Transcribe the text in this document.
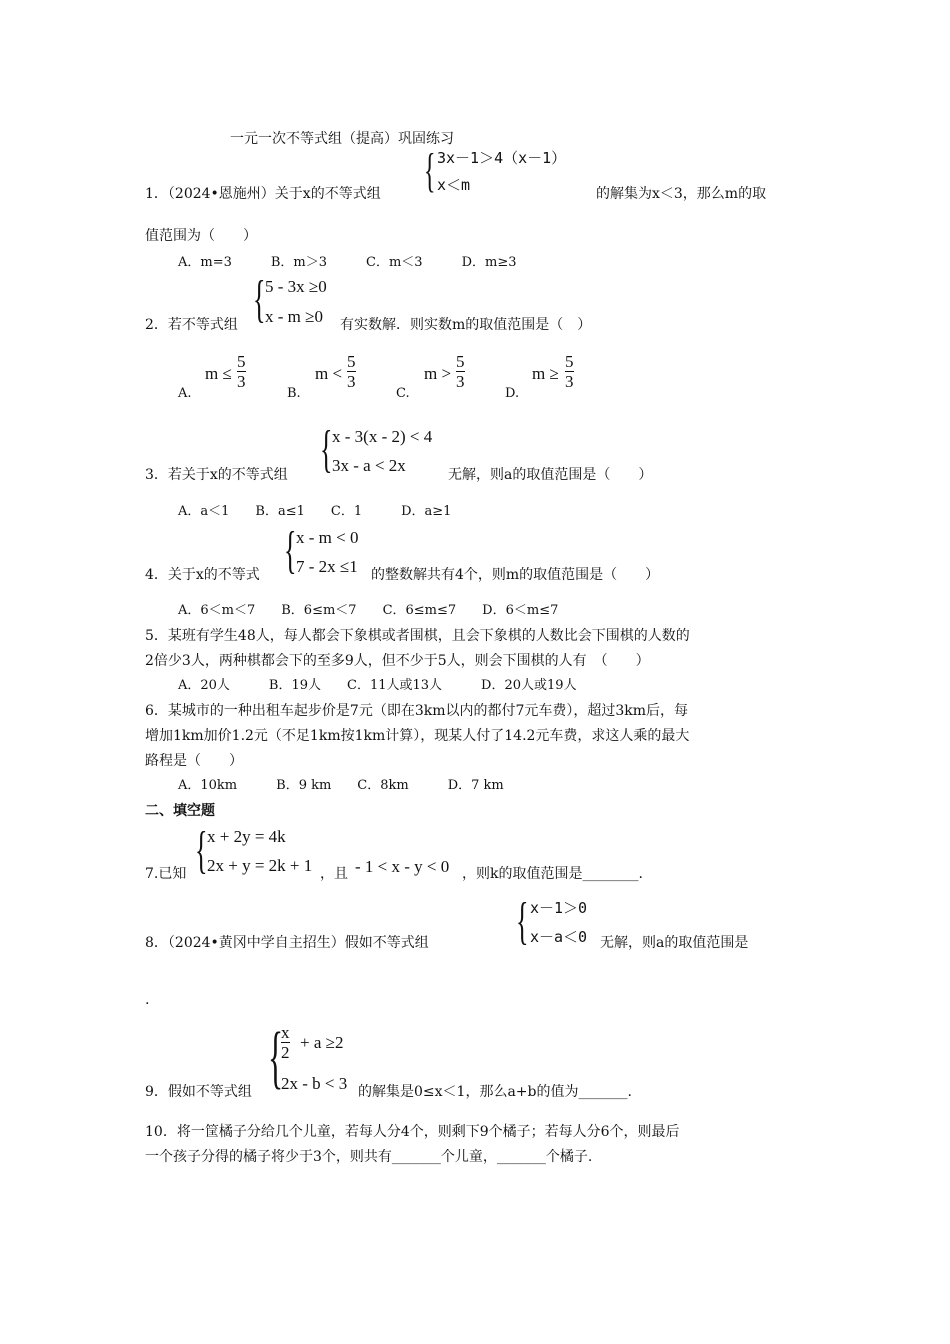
一元一次不等式组（提高）巩固练习
{ 3x－1＞4（x－1）
x＜m
1．（2024•恩施州）关于x的不等式组	的解集为x＜3，那么m的取
值范围为（　　）
A．m=3　　　B．m＞3　　　C．m＜3　　　D．m≥3
{ 5 - 3x ≥0
x - m ≥0
2．若不等式组	有实数解．则实数m的取值范围是（　）
A.
m ≤
5
3
B.
m <
5
3
C.
m >
5
3
D.
m ≥
5
3
{ x - 3(x - 2) < 4
3x - a < 2x
3．若关于x的不等式组	无解，则a的取值范围是（　　）
A．a＜1　　B．a≤1　　C．1　　　D．a≥1
{ x - m < 0
7 - 2x ≤1
4．关于x的不等式	的整数解共有4个，则m的取值范围是（　　）
A．6＜m＜7　　B．6≤m＜7　　C．6≤m≤7　　D．6＜m≤7
5．某班有学生48人，每人都会下象棋或者围棋，且会下象棋的人数比会下围棋的人数的
2倍少3人，两种棋都会下的至多9人，但不少于5人，则会下围棋的人有　（　　）
A．20人　　　B．19人　　C．11人或13人　　　D．20人或19人
6．某城市的一种出租车起步价是7元（即在3km以内的都付7元车费），超过3km后，每
增加1km加价1.2元（不足1km按1km计算），现某人付了14.2元车费，求这人乘的最大
路程是（　　）
A．10km　　　B．9 km　　C．8km　　　D．7 km
二、填空题
{ x + 2y = 4k
2x + y = 2k + 1
7.已知	，且 - 1 < x - y < 0 ，则k的取值范围是________.
{ x－1＞0
x－a＜0
8．（2024•黄冈中学自主招生）假如不等式组	无解，则a的取值范围是
.
{
x
2
+ a ≥2
2x - b < 3
9．假如不等式组	的解集是0≤x＜1，那么a+b的值为_______.
10．将一筐橘子分给几个儿童，若每人分4个，则剩下9个橘子；若每人分6个，则最后
一个孩子分得的橘子将少于3个，则共有_______个儿童，_______个橘子.
